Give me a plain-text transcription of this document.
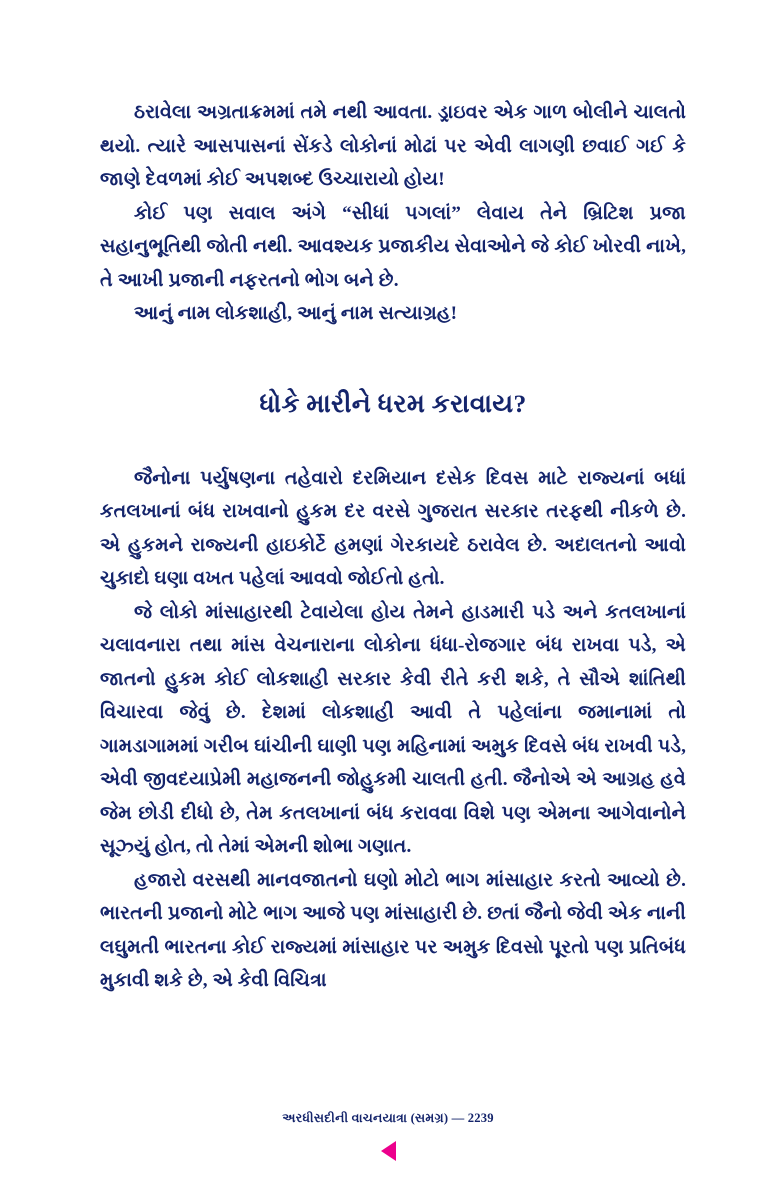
ઠરાવેલા અગ્રતાક્રમમાં તમે નથી આવતા. ડ્રાઇવર એક ગાળ બોલીને ચાલતો થયો. ત્યારે આસપાસનાં સેંકડે લોકોનાં મોઢાં પર એવી લાગણી છવાઈ ગઈ કે જાણે દેવળમાં કોઈ અપશબ્દ ઉચ્ચારાયો હોય!

કોઈ પણ સવાલ અંગે “સીધાં પગલાં” લેવાય તેને બ્રિટિશ પ્રજા સહાનુભૂતિથી જોતી નથી. આવશ્યક પ્રજાકીય સેવાઓને જે કોઈ ખોરવી નાખે, તે આખી પ્રજાની નફરતનો ભોગ બને છે.

આનું નામ લોકશાહી, આનું નામ સત્યાગ્રહ!

ધોકે મારીને ધરમ કરાવાય?

જૈનોના પર્યુષણના તહેવારો દરમિયાન દસેક દિવસ માટે રાજ્યનાં બધાં કતલખાનાં બંધ રાખવાનો હુકમ દર વરસે ગુજરાત સરકાર તરફથી નીકળે છે. એ હુકમને રાજ્યની હાઇકોર્ટે હમણાં ગેરકાયદે ઠરાવેલ છે. અદાલતનો આવો ચુકાદો ઘણા વખત પહેલાં આવવો જોઈતો હતો.

જે લોકો માંસાહારથી ટેવાયેલા હોય તેમને હાડમારી પડે અને કતલખાનાં ચલાવનારા તથા માંસ વેચનારાના લોકોના ધંધા-રોજગાર બંધ રાખવા પડે, એ જાતનો હુકમ કોઈ લોકશાહી સરકાર કેવી રીતે કરી શકે, તે સૌએ શાંતિથી વિચારવા જેવું છે. દેશમાં લોકશાહી આવી તે પહેલાંના જમાનામાં તો ગામડાગામમાં ગરીબ ઘાંચીની ઘાણી પણ મહિનામાં અમુક દિવસે બંધ રાખવી પડે, એવી જીવદયાપ્રેમી મહાજનની જોહુકમી ચાલતી હતી. જૈનોએ એ આગ્રહ હવે જેમ છોડી દીધો છે, તેમ કતલખાનાં બંધ કરાવવા વિશે પણ એમના આગેવાનોને સૂઝ્યું હોત, તો તેમાં એમની શોભા ગણાત.

હજારો વરસથી માનવજાતનો ઘણો મોટો ભાગ માંસાહાર કરતો આવ્યો છે. ભારતની પ્રજાનો મોટે ભાગ આજે પણ માંસાહારી છે. છતાં જૈનો જેવી એક નાની લઘુમતી ભારતના કોઈ રાજ્યમાં માંસાહાર પર અમુક દિવસો પૂરતો પણ પ્રતિબંધ મુકાવી શકે છે, એ કેવી વિચિત્રા

અરધીસદીની વાચનયાત્રા (સમગ્ર) — 2239
